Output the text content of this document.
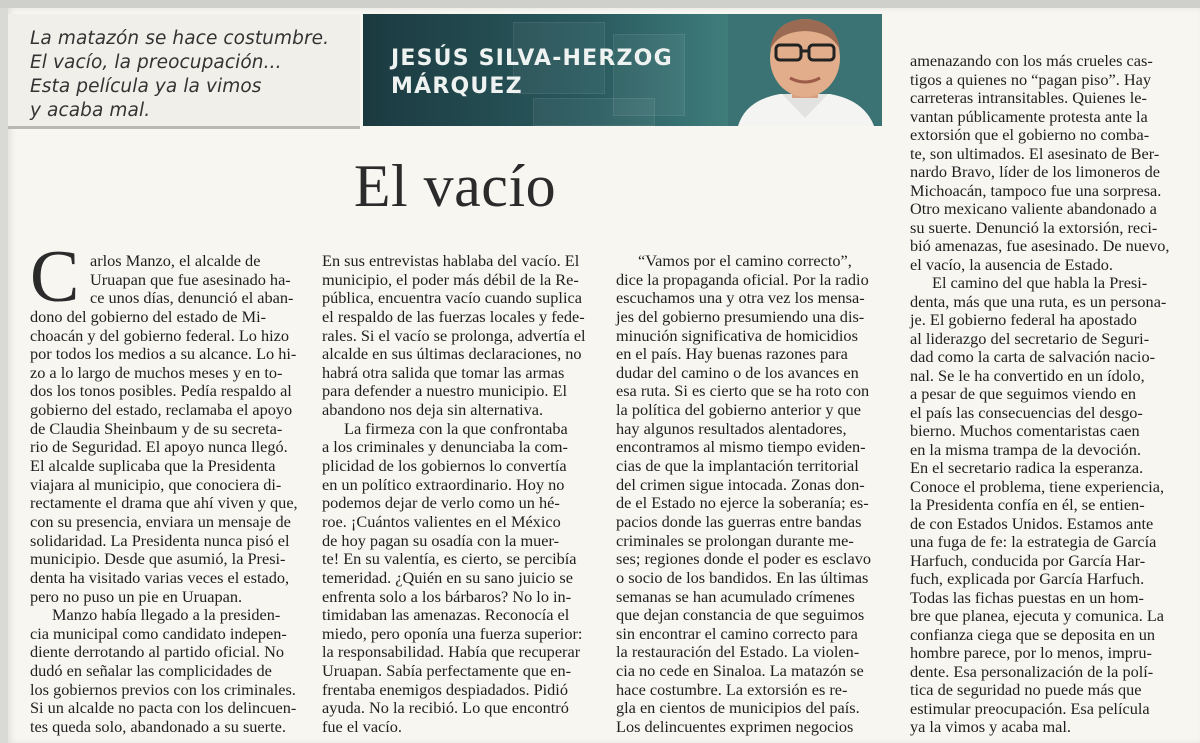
La matazón se hace costumbre.
El vacío, la preocupación...
Esta película ya la vimos
y acaba mal.
JESÚS SILVA-HERZOG
MÁRQUEZ
El vacío
C arlos Manzo, el alcalde de
Uruapan que fue asesinado ha-
ce unos días, denunció el aban-
dono del gobierno del estado de Mi-
choacán y del gobierno federal. Lo hizo
por todos los medios a su alcance. Lo hi-
zo a lo largo de muchos meses y en to-
dos los tonos posibles. Pedía respaldo al
gobierno del estado, reclamaba el apoyo
de Claudia Sheinbaum y de su secreta-
rio de Seguridad. El apoyo nunca llegó.
El alcalde suplicaba que la Presidenta
viajara al municipio, que conociera di-
rectamente el drama que ahí viven y que,
con su presencia, enviara un mensaje de
solidaridad. La Presidenta nunca pisó el
municipio. Desde que asumió, la Presi-
denta ha visitado varias veces el estado,
pero no puso un pie en Uruapan.
Manzo había llegado a la presiden-
cia municipal como candidato indepen-
diente derrotando al partido oficial. No
dudó en señalar las complicidades de
los gobiernos previos con los criminales.
Si un alcalde no pacta con los delincuen-
tes queda solo, abandonado a su suerte.
En sus entrevistas hablaba del vacío. El
municipio, el poder más débil de la Re-
pública, encuentra vacío cuando suplica
el respaldo de las fuerzas locales y fede-
rales. Si el vacío se prolonga, advertía el
alcalde en sus últimas declaraciones, no
habrá otra salida que tomar las armas
para defender a nuestro municipio. El
abandono nos deja sin alternativa.
La firmeza con la que confrontaba
a los criminales y denunciaba la com-
plicidad de los gobiernos lo convertía
en un político extraordinario. Hoy no
podemos dejar de verlo como un hé-
roe. ¡Cuántos valientes en el México
de hoy pagan su osadía con la muer-
te! En su valentía, es cierto, se percibía
temeridad. ¿Quién en su sano juicio se
enfrenta solo a los bárbaros? No lo in-
timidaban las amenazas. Reconocía el
miedo, pero oponía una fuerza superior:
la responsabilidad. Había que recuperar
Uruapan. Sabía perfectamente que en-
frentaba enemigos despiadados. Pidió
ayuda. No la recibió. Lo que encontró
fue el vacío.
“Vamos por el camino correcto”,
dice la propaganda oficial. Por la radio
escuchamos una y otra vez los mensa-
jes del gobierno presumiendo una dis-
minución significativa de homicidios
en el país. Hay buenas razones para
dudar del camino o de los avances en
esa ruta. Si es cierto que se ha roto con
la política del gobierno anterior y que
hay algunos resultados alentadores,
encontramos al mismo tiempo eviden-
cias de que la implantación territorial
del crimen sigue intocada. Zonas don-
de el Estado no ejerce la soberanía; es-
pacios donde las guerras entre bandas
criminales se prolongan durante me-
ses; regiones donde el poder es esclavo
o socio de los bandidos. En las últimas
semanas se han acumulado crímenes
que dejan constancia de que seguimos
sin encontrar el camino correcto para
la restauración del Estado. La violen-
cia no cede en Sinaloa. La matazón se
hace costumbre. La extorsión es re-
gla en cientos de municipios del país.
Los delincuentes exprimen negocios
amenazando con los más crueles cas-
tigos a quienes no “pagan piso”. Hay
carreteras intransitables. Quienes le-
vantan públicamente protesta ante la
extorsión que el gobierno no comba-
te, son ultimados. El asesinato de Ber-
nardo Bravo, líder de los limoneros de
Michoacán, tampoco fue una sorpresa.
Otro mexicano valiente abandonado a
su suerte. Denunció la extorsión, reci-
bió amenazas, fue asesinado. De nuevo,
el vacío, la ausencia de Estado.
El camino del que habla la Presi-
denta, más que una ruta, es un persona-
je. El gobierno federal ha apostado
al liderazgo del secretario de Seguri-
dad como la carta de salvación nacio-
nal. Se le ha convertido en un ídolo,
a pesar de que seguimos viendo en
el país las consecuencias del desgo-
bierno. Muchos comentaristas caen
en la misma trampa de la devoción.
En el secretario radica la esperanza.
Conoce el problema, tiene experiencia,
la Presidenta confía en él, se entien-
de con Estados Unidos. Estamos ante
una fuga de fe: la estrategia de García
Harfuch, conducida por García Har-
fuch, explicada por García Harfuch.
Todas las fichas puestas en un hom-
bre que planea, ejecuta y comunica. La
confianza ciega que se deposita en un
hombre parece, por lo menos, impru-
dente. Esa personalización de la polí-
tica de seguridad no puede más que
estimular preocupación. Esa película
ya la vimos y acaba mal.
